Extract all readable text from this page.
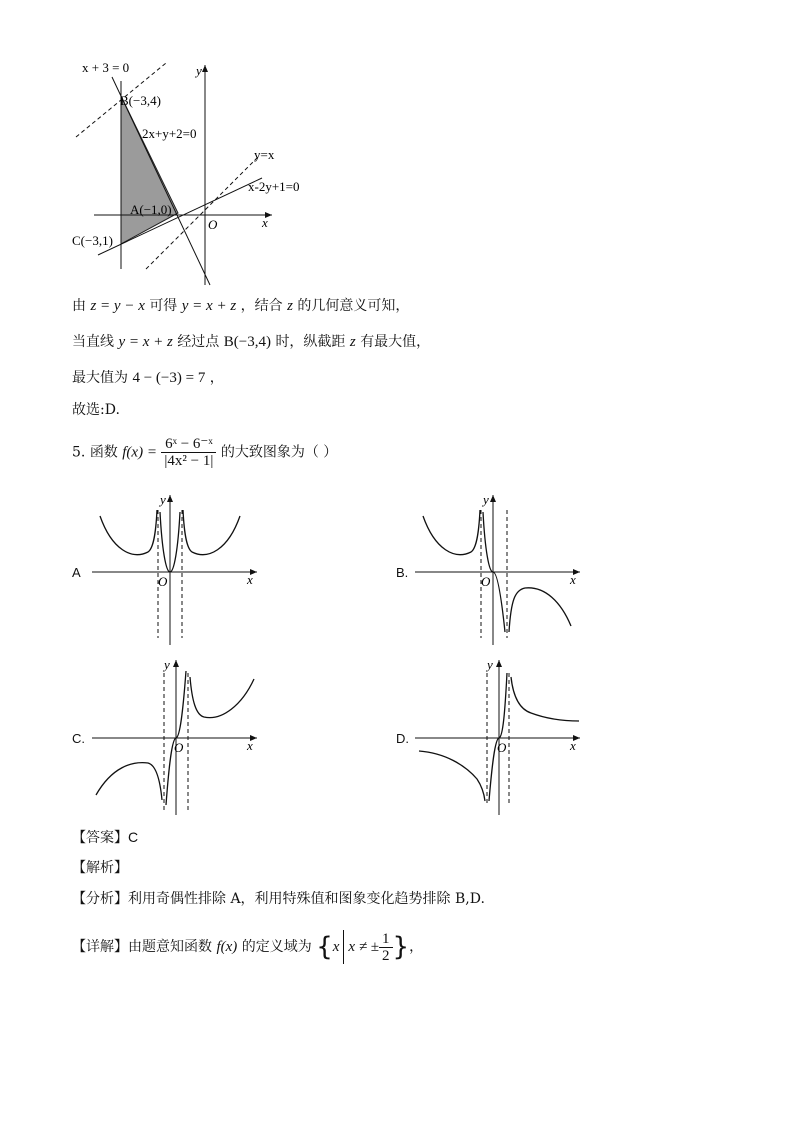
x + 3 = 0	y
B(−3,4)
2x+y+2=0
y=x
x-2y+1=0
A(−1,0)
O	x
C(−3,1)
由 z = y − x 可得 y = x + z ，结合 z 的几何意义可知，
当直线 y = x + z 经过点 B(−3,4) 时，纵截距 z 有最大值，
最大值为 4 − (−3) = 7 ，
故选:D.
5. 函数 $f(x) = \frac{\text{6ˣ − 6⁻ˣ}}{\text{|4x² − 1|}}$ 的大致图象为（ ）
A
y
O	x	B.
y
O	x
C.
y
O	x	D.
y
O	x
【答案】C
【解析】
【分析】利用奇偶性排除 A，利用特殊值和图象变化趋势排除 B,D.
【详解】由题意知函数 f(x) 的定义域为 {x x ≠ ± $\frac{1}{2}$ }，
